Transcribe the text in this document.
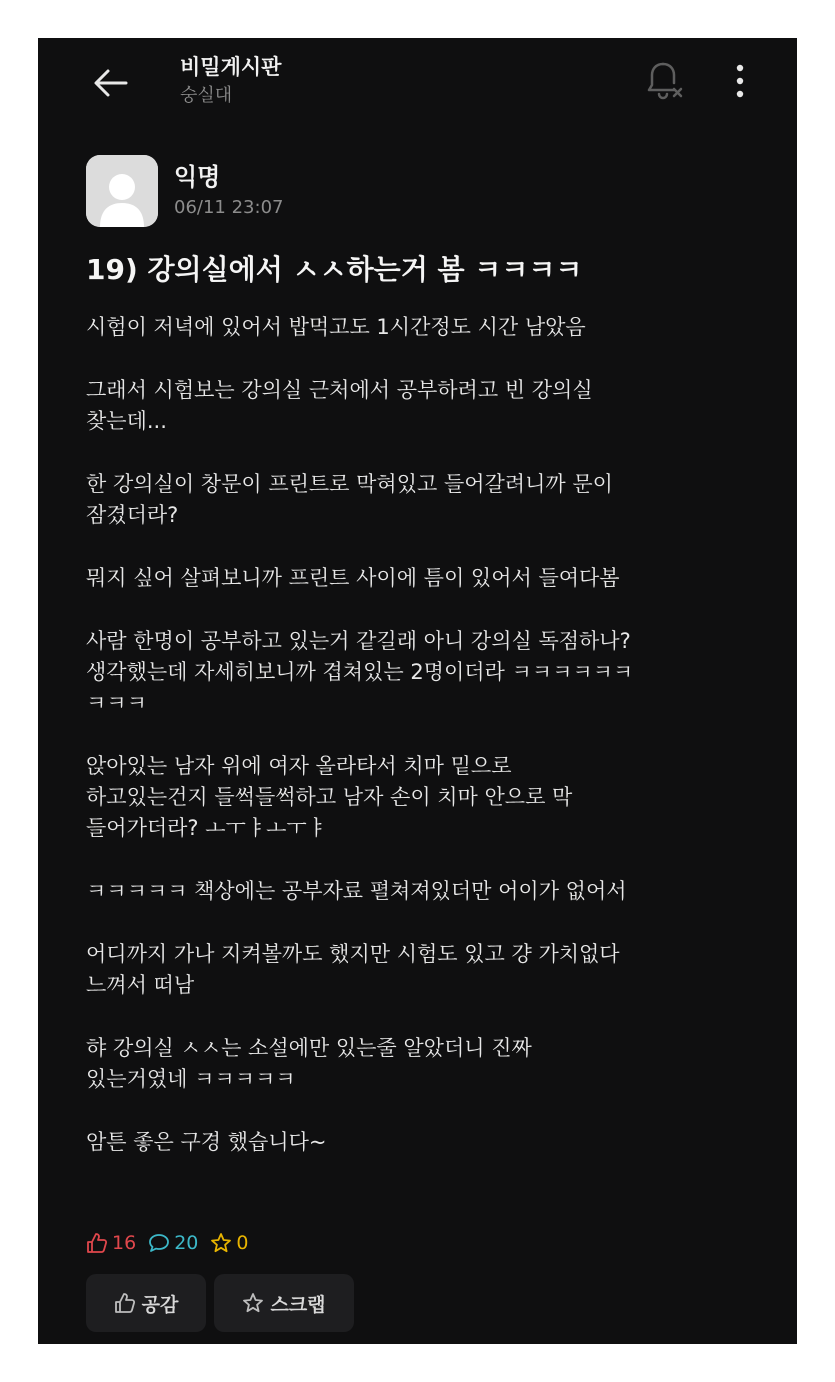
비밀게시판
숭실대
익명
06/11 23:07
19) 강의실에서 ㅅㅅ하는거 봄 ㅋㅋㅋㅋ

시험이 저녁에 있어서 밥먹고도 1시간정도 시간 남았음

그래서 시험보는 강의실 근처에서 공부하려고 빈 강의실
찾는데...

한 강의실이 창문이 프린트로 막혀있고 들어갈려니까 문이
잠겼더라?

뭐지 싶어 살펴보니까 프린트 사이에 틈이 있어서 들여다봄

사람 한명이 공부하고 있는거 같길래 아니 강의실 독점하나?
생각했는데 자세히보니까 겹쳐있는 2명이더라 ㅋㅋㅋㅋㅋㅋ
ㅋㅋㅋ

앉아있는 남자 위에 여자 올라타서 치마 밑으로
하고있는건지 들썩들썩하고 남자 손이 치마 안으로 막
들어가더라? ㅗㅜㅑㅗㅜㅑ

ㅋㅋㅋㅋㅋ 책상에는 공부자료 펼쳐져있더만 어이가 없어서

어디까지 가나 지켜볼까도 했지만 시험도 있고 걍 가치없다
느껴서 떠남

햐 강의실 ㅅㅅ는 소설에만 있는줄 알았더니 진짜
있는거였네 ㅋㅋㅋㅋㅋ

암튼 좋은 구경 했습니다~

16 20 0
공감	스크랩
